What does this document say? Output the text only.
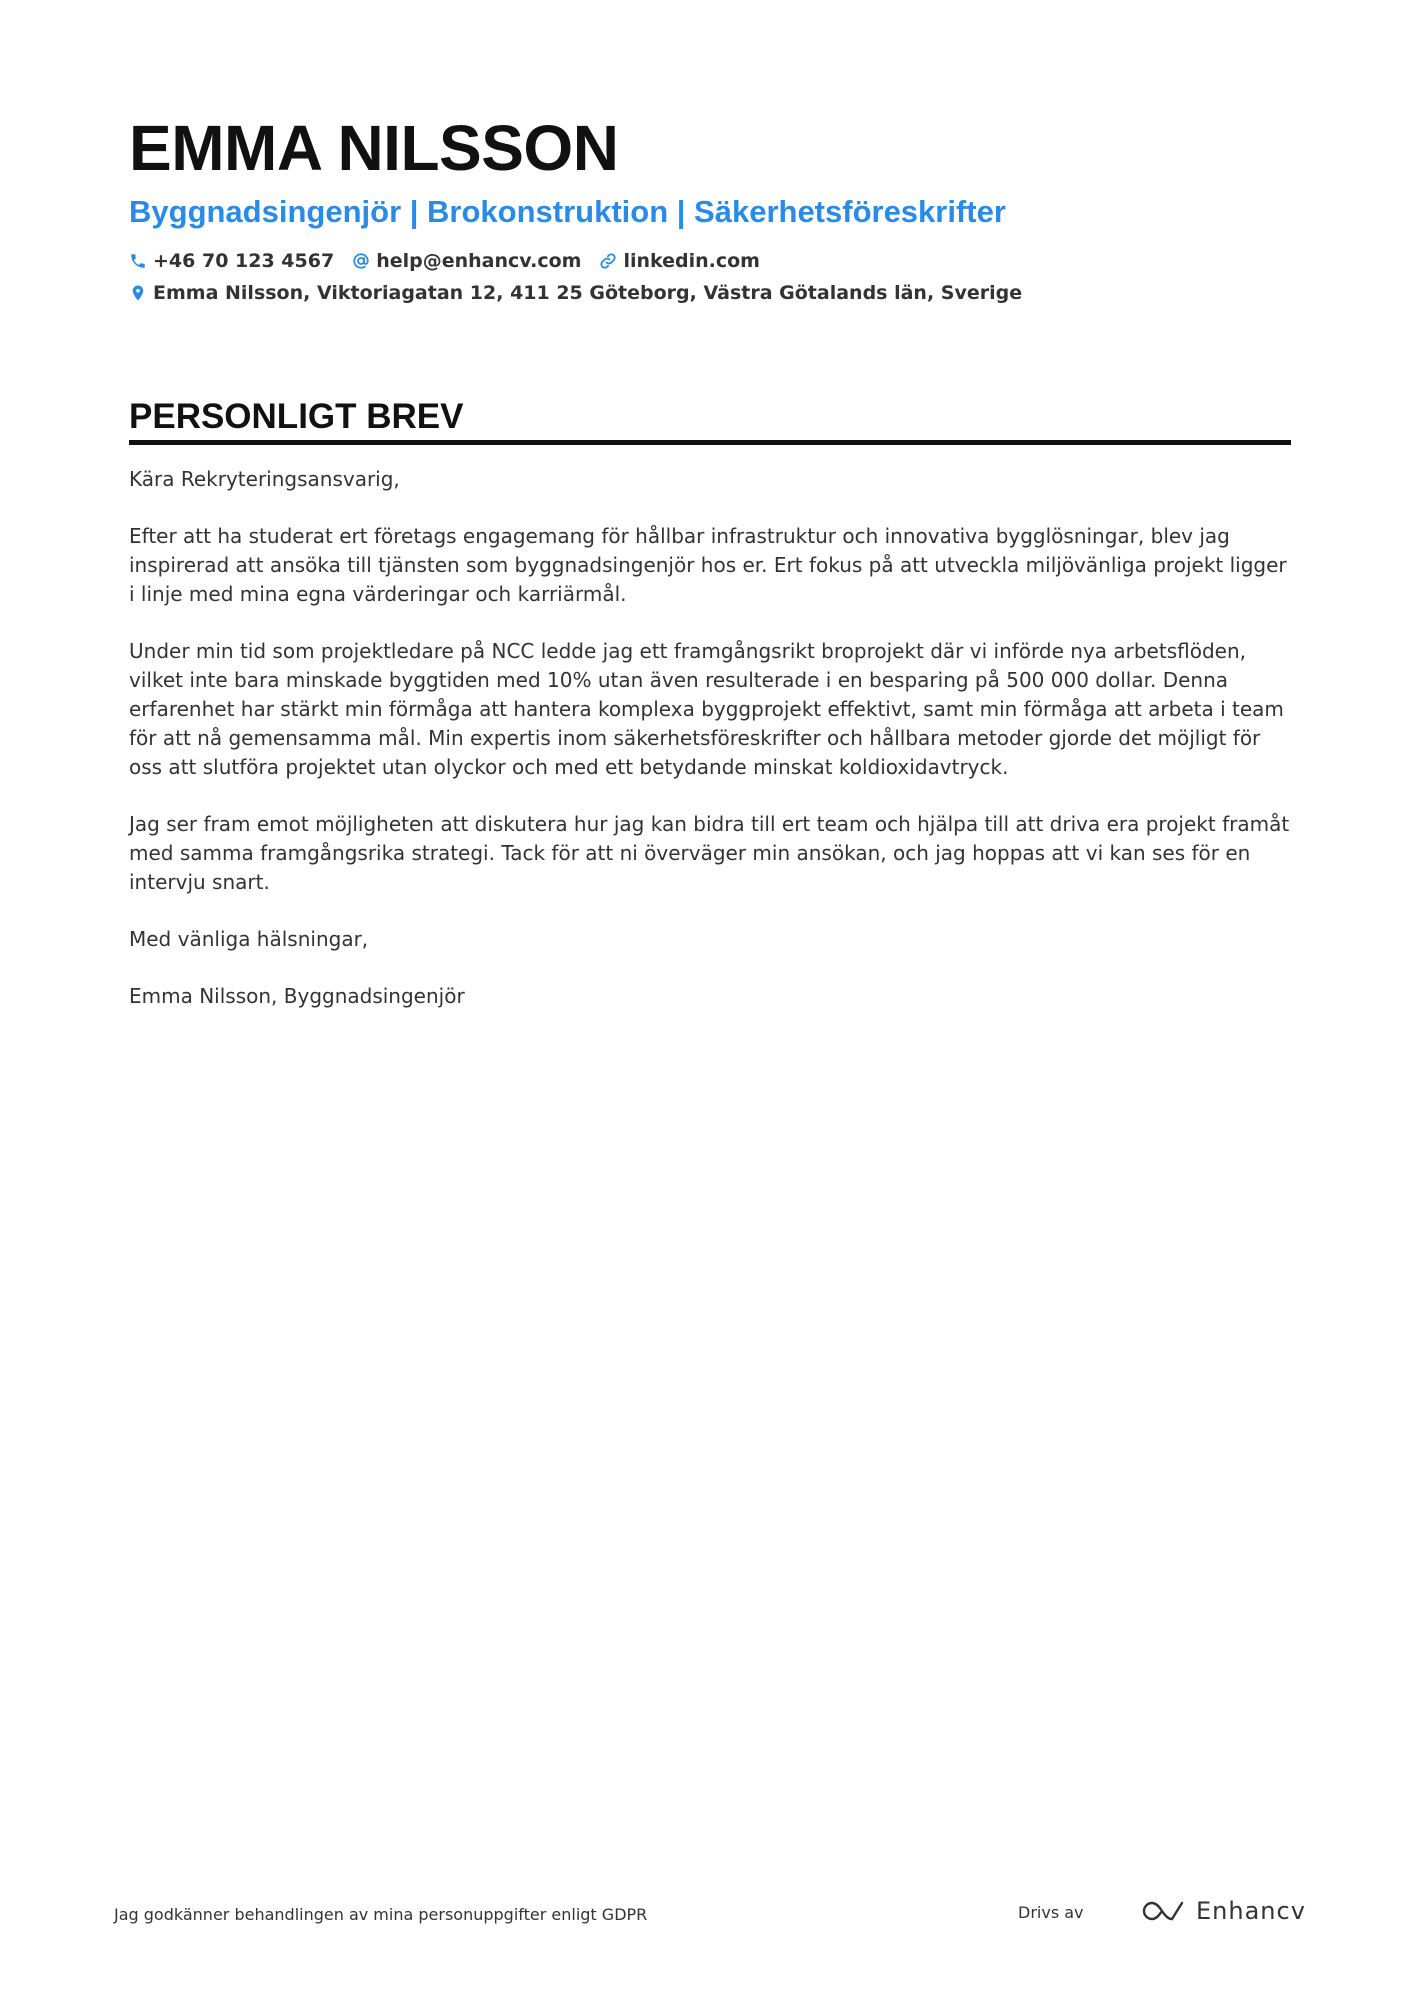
EMMA NILSSON
Byggnadsingenjör | Brokonstruktion | Säkerhetsföreskrifter
+46 70 123 4567 help@enhancv.com linkedin.com
Emma Nilsson, Viktoriagatan 12, 411 25 Göteborg, Västra Götalands län, Sverige
PERSONLIGT BREV

Kära Rekryteringsansvarig,

Efter att ha studerat ert företags engagemang för hållbar infrastruktur och innovativa bygglösningar, blev jag inspirerad att ansöka till tjänsten som byggnadsingenjör hos er. Ert fokus på att utveckla miljövänliga projekt ligger i linje med mina egna värderingar och karriärmål.

Under min tid som projektledare på NCC ledde jag ett framgångsrikt broprojekt där vi införde nya arbetsflöden, vilket inte bara minskade byggtiden med 10% utan även resulterade i en besparing på 500 000 dollar. Denna erfarenhet har stärkt min förmåga att hantera komplexa byggprojekt effektivt, samt min förmåga att arbeta i team för att nå gemensamma mål. Min expertis inom säkerhetsföreskrifter och hållbara metoder gjorde det möjligt för oss att slutföra projektet utan olyckor och med ett betydande minskat koldioxidavtryck.

Jag ser fram emot möjligheten att diskutera hur jag kan bidra till ert team och hjälpa till att driva era projekt framåt med samma framgångsrika strategi. Tack för att ni överväger min ansökan, och jag hoppas att vi kan ses för en intervju snart.

Med vänliga hälsningar,

Emma Nilsson, Byggnadsingenjör

Jag godkänner behandlingen av mina personuppgifter enligt GDPR	Drivs av	Enhancv
